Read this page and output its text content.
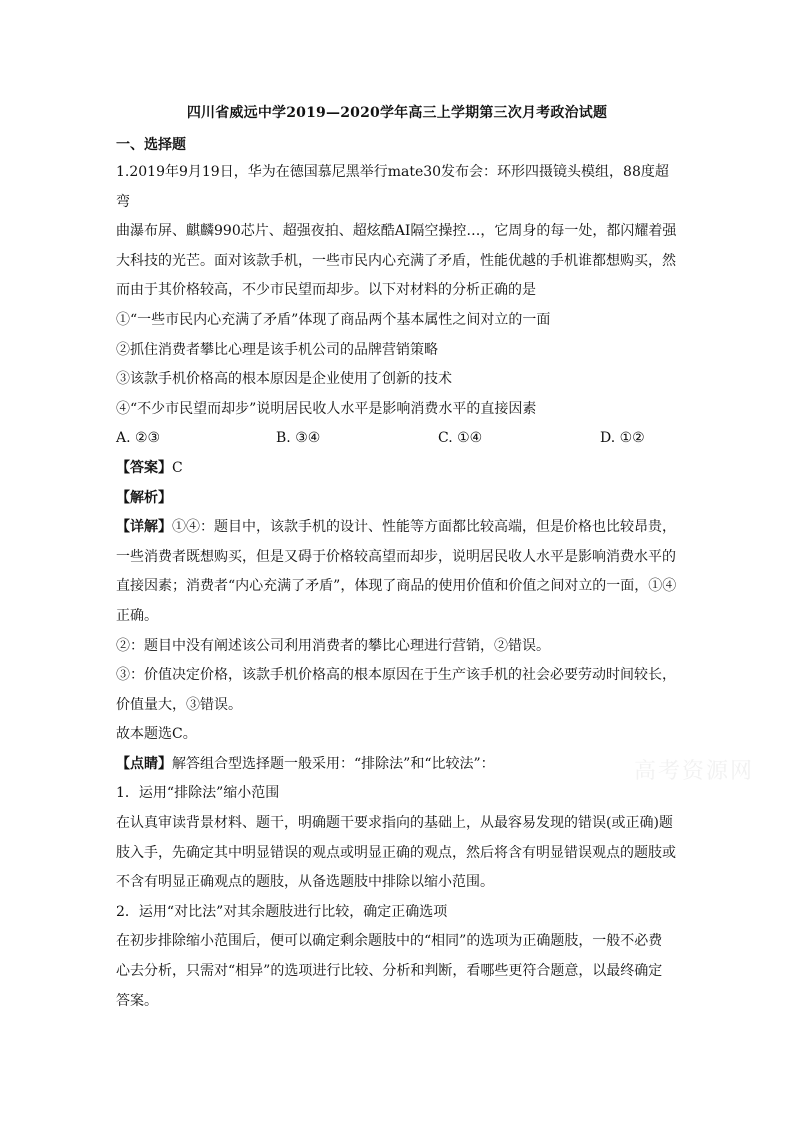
四川省威远中学2019—2020学年高三上学期第三次月考政治试题
一、选择题

1.2019年9月19日，华为在德国慕尼黑举行mate30发布会：环形四摄镜头模组，88度超弯

曲瀑布屏、麒麟990芯片、超强夜拍、超炫酷AI隔空操控…，它周身的每一处，都闪耀着强

大科技的光芒。面对该款手机，一些市民内心充满了矛盾，性能优越的手机谁都想购买，然

而由于其价格较高，不少市民望而却步。以下对材料的分析正确的是

①“一些市民内心充满了矛盾”体现了商品两个基本属性之间对立的一面

②抓住消费者攀比心理是该手机公司的品牌营销策略

③该款手机价格高的根本原因是企业使用了创新的技术

④“不少市民望而却步”说明居民收人水平是影响消费水平的直接因素

A. ②③	B. ③④	C. ①④	D. ①②

【答案】C

【解析】

【详解】①④：题目中，该款手机的设计、性能等方面都比较高端，但是价格也比较昂贵，

一些消费者既想购买，但是又碍于价格较高望而却步，说明居民收人水平是影响消费水平的

直接因素；消费者“内心充满了矛盾”，体现了商品的使用价值和价值之间对立的一面，①④

正确。

②：题目中没有阐述该公司利用消费者的攀比心理进行营销，②错误。

③：价值决定价格，该款手机价格高的根本原因在于生产该手机的社会必要劳动时间较长，

价值量大，③错误。

故本题选C。

【点睛】解答组合型选择题一般采用：“排除法”和“比较法”：

1．运用“排除法”缩小范围

在认真审读背景材料、题干，明确题干要求指向的基础上，从最容易发现的错误(或正确)题

肢入手，先确定其中明显错误的观点或明显正确的观点，然后将含有明显错误观点的题肢或

不含有明显正确观点的题肢，从备选题肢中排除以缩小范围。

2．运用“对比法”对其余题肢进行比较，确定正确选项

在初步排除缩小范围后，便可以确定剩余题肢中的“相同”的选项为正确题肢，一般不必费

心去分析，只需对“相异”的选项进行比较、分析和判断，看哪些更符合题意，以最终确定

答案。

高考资源网
